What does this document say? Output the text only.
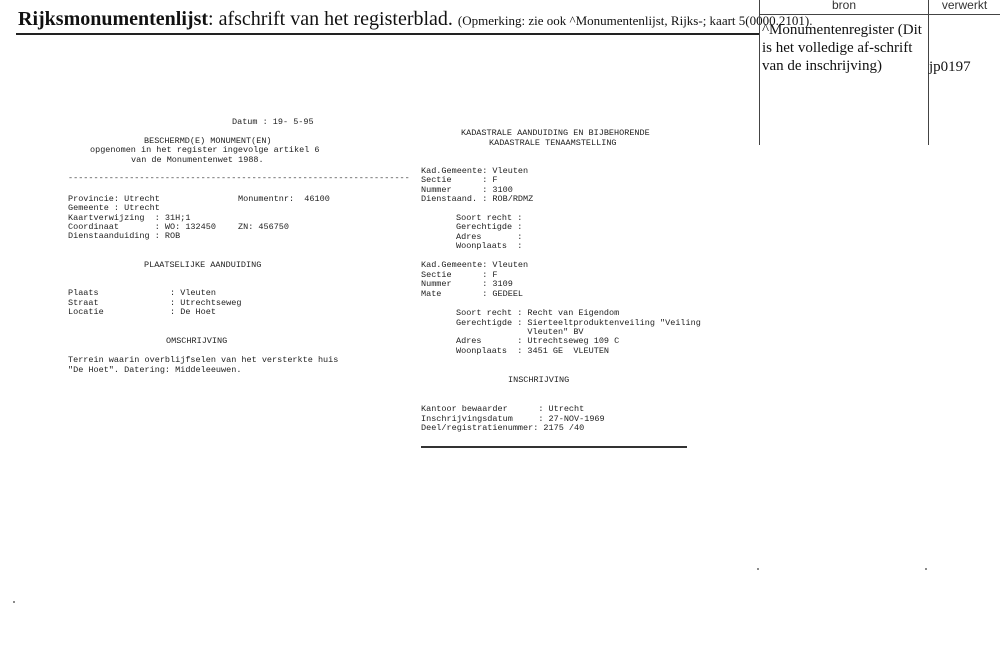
Rijksmonumentenlijst: afschrift van het registerblad. (Opmerking: zie ook ^Monumentenlijst, Rijks-; kaart 5(0000.2101).
bron	verwerkt
^Monumentenregister (Dit is het volledige af-schrift van de inschrijving)	jp0197
Datum : 19- 5-95
BESCHERMD(E) MONUMENT(EN)
opgenomen in het register ingevolge artikel 6
van de Monumentenwet 1988.
-------------------------------------------------------------------
Provincie: Utrecht	Monumentnr:  46100
Gemeente : Utrecht
Kaartverwijzing  : 31H;1
Coordinaat       : WO: 132450	ZN: 456750
Dienstaanduiding : ROB
PLAATSELIJKE AANDUIDING
Plaats              : Vleuten
Straat              : Utrechtseweg
Locatie             : De Hoet
OMSCHRIJVING
Terrein waarin overblijfselen van het versterkte huis
"De Hoet". Datering: Middeleeuwen.
KADASTRALE AANDUIDING EN BIJBEHORENDE
KADASTRALE TENAAMSTELLING
Kad.Gemeente: Vleuten
Sectie      : F
Nummer      : 3100
Dienstaand. : ROB/RDMZ
Soort recht :
Gerechtigde :
Adres       :
Woonplaats  :
Kad.Gemeente: Vleuten
Sectie      : F
Nummer      : 3109
Mate        : GEDEEL
Soort recht : Recht van Eigendom
Gerechtigde : Sierteeltproduktenveiling "Veiling
Vleuten" BV
Adres       : Utrechtseweg 109 C
Woonplaats  : 3451 GE  VLEUTEN
INSCHRIJVING
Kantoor bewaarder      : Utrecht
Inschrijvingsdatum     : 27-NOV-1969
Deel/registratienummer: 2175 /40
